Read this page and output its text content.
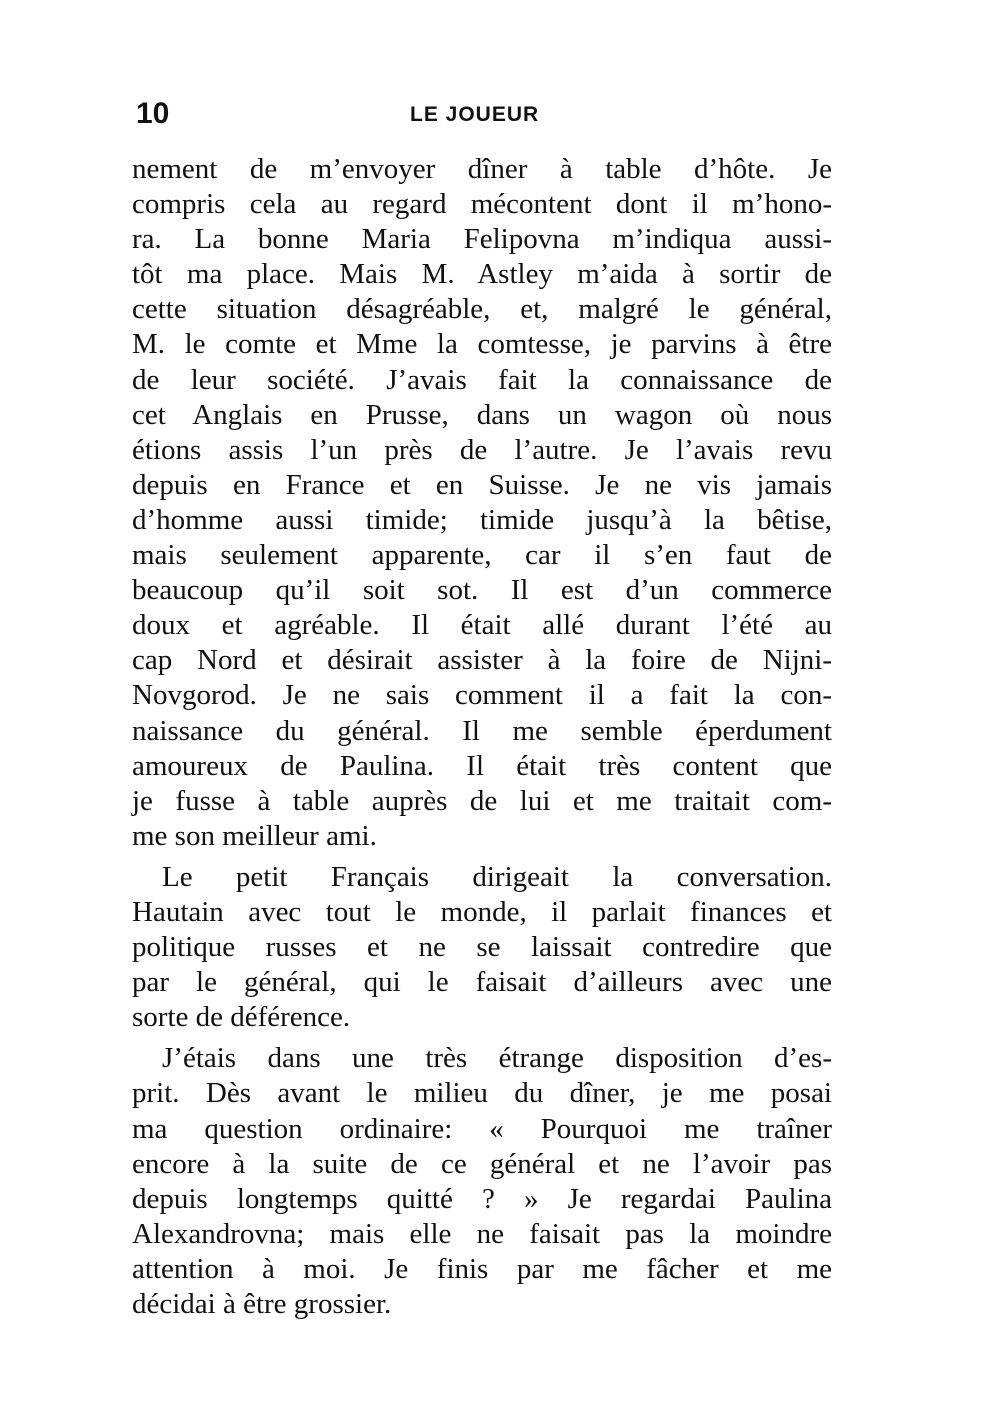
10	LE JOUEUR
nement de m’envoyer dîner à table d’hôte. Je
compris cela au regard mécontent dont il m’hono-
ra. La bonne Maria Felipovna m’indiqua aussi-
tôt ma place. Mais M. Astley m’aida à sortir de
cette situation désagréable, et, malgré le général,
M. le comte et Mme la comtesse, je parvins à être
de leur société. J’avais fait la connaissance de
cet Anglais en Prusse, dans un wagon où nous
étions assis l’un près de l’autre. Je l’avais revu
depuis en France et en Suisse. Je ne vis jamais
d’homme aussi timide; timide jusqu’à la bêtise,
mais seulement apparente, car il s’en faut de
beaucoup qu’il soit sot. Il est d’un commerce
doux et agréable. Il était allé durant l’été au
cap Nord et désirait assister à la foire de Nijni-
Novgorod. Je ne sais comment il a fait la con-
naissance du général. Il me semble éperdument
amoureux de Paulina. Il était très content que
je fusse à table auprès de lui et me traitait com-
me son meilleur ami.
Le petit Français dirigeait la conversation.
Hautain avec tout le monde, il parlait finances et
politique russes et ne se laissait contredire que
par le général, qui le faisait d’ailleurs avec une
sorte de déférence.
J’étais dans une très étrange disposition d’es-
prit. Dès avant le milieu du dîner, je me posai
ma question ordinaire: « Pourquoi me traîner
encore à la suite de ce général et ne l’avoir pas
depuis longtemps quitté ? » Je regardai Paulina
Alexandrovna; mais elle ne faisait pas la moindre
attention à moi. Je finis par me fâcher et me
décidai à être grossier.
